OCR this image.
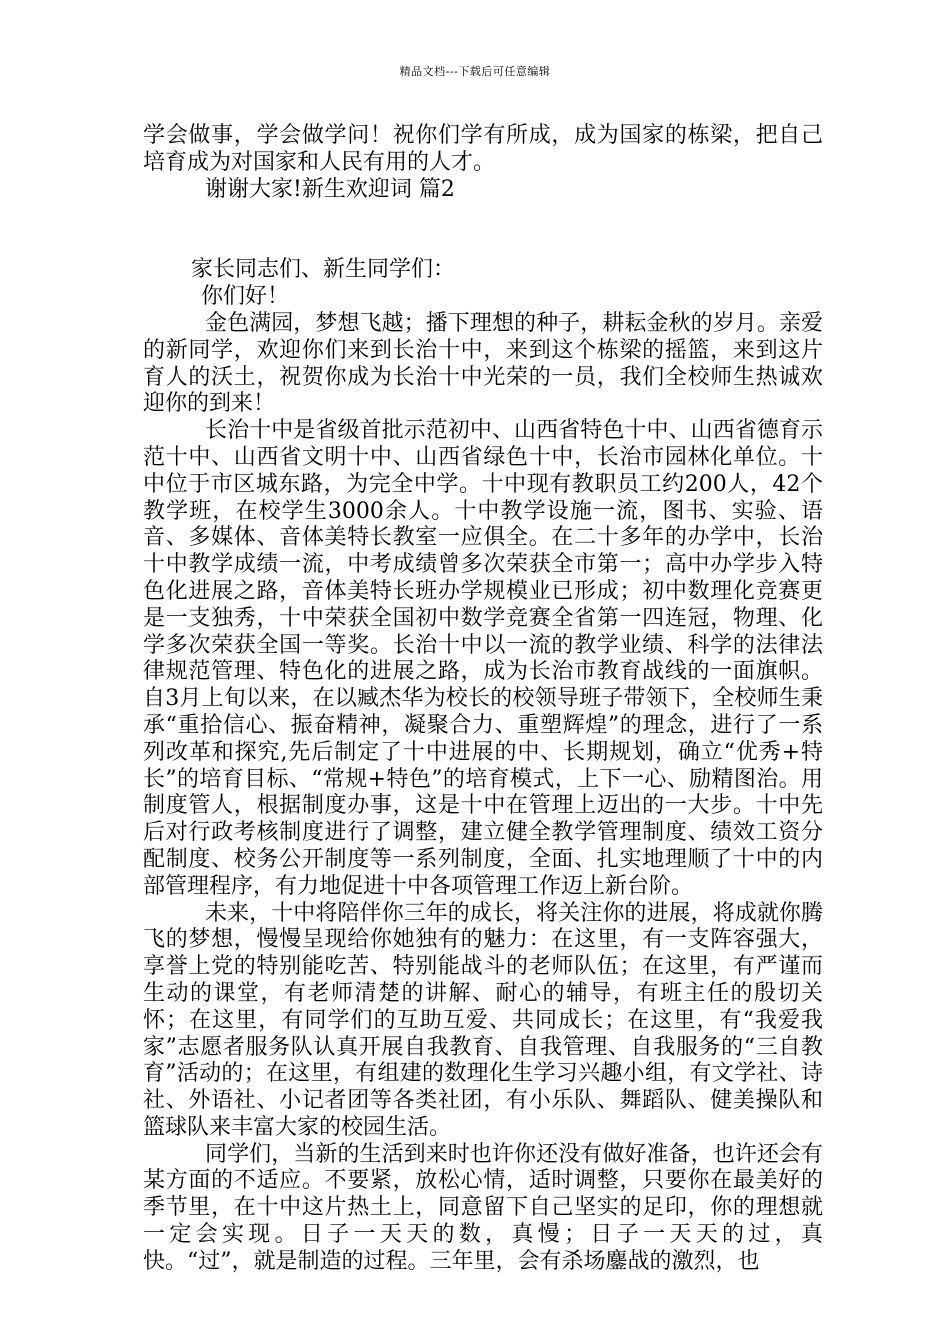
精品文档---下载后可任意编辑

学会做事，学会做学问！祝你们学有所成，成为国家的栋梁，把自己培育成为对国家和人民有用的人才。

谢谢大家!新生欢迎词 篇2

家长同志们、新生同学们：

你们好！

金色满园，梦想飞越；播下理想的种子，耕耘金秋的岁月。亲爱的新同学，欢迎你们来到长治十中，来到这个栋梁的摇篮，来到这片育人的沃土，祝贺你成为长治十中光荣的一员，我们全校师生热诚欢迎你的到来！

长治十中是省级首批示范初中、山西省特色十中、山西省德育示范十中、山西省文明十中、山西省绿色十中，长治市园林化单位。十中位于市区城东路，为完全中学。十中现有教职员工约200人，42个教学班，在校学生3000余人。十中教学设施一流，图书、实验、语音、多媒体、音体美特长教室一应俱全。在二十多年的办学中，长治十中教学成绩一流，中考成绩曾多次荣获全市第一；高中办学步入特色化进展之路，音体美特长班办学规模业已形成；初中数理化竞赛更是一支独秀，十中荣获全国初中数学竞赛全省第一四连冠，物理、化学多次荣获全国一等奖。长治十中以一流的教学业绩、科学的法律法律规范管理、特色化的进展之路，成为长治市教育战线的一面旗帜。自3月上旬以来，在以臧杰华为校长的校领导班子带领下，全校师生秉承“重拾信心、振奋精神，凝聚合力、重塑辉煌”的理念，进行了一系列改革和探究,先后制定了十中进展的中、长期规划，确立“优秀+特长”的培育目标、“常规+特色”的培育模式，上下一心、励精图治。用制度管人，根据制度办事，这是十中在管理上迈出的一大步。十中先后对行政考核制度进行了调整，建立健全教学管理制度、绩效工资分配制度、校务公开制度等一系列制度，全面、扎实地理顺了十中的内部管理程序，有力地促进十中各项管理工作迈上新台阶。

未来，十中将陪伴你三年的成长，将关注你的进展，将成就你腾飞的梦想，慢慢呈现给你她独有的魅力：在这里，有一支阵容强大，享誉上党的特别能吃苦、特别能战斗的老师队伍；在这里，有严谨而生动的课堂，有老师清楚的讲解、耐心的辅导，有班主任的殷切关怀；在这里，有同学们的互助互爱、共同成长；在这里，有“我爱我家”志愿者服务队认真开展自我教育、自我管理、自我服务的“三自教育”活动的；在这里，有组建的数理化生学习兴趣小组，有文学社、诗社、外语社、小记者团等各类社团，有小乐队、舞蹈队、健美操队和篮球队来丰富大家的校园生活。

同学们，当新的生活到来时也许你还没有做好准备，也许还会有某方面的不适应。不要紧，放松心情，适时调整，只要你在最美好的季节里，在十中这片热土上，同意留下自己坚实的足印，你的理想就一定会实现。日子一天天的数，真慢；日子一天天的过，真快。“过”，就是制造的过程。三年里，会有杀场鏖战的激烈，也
